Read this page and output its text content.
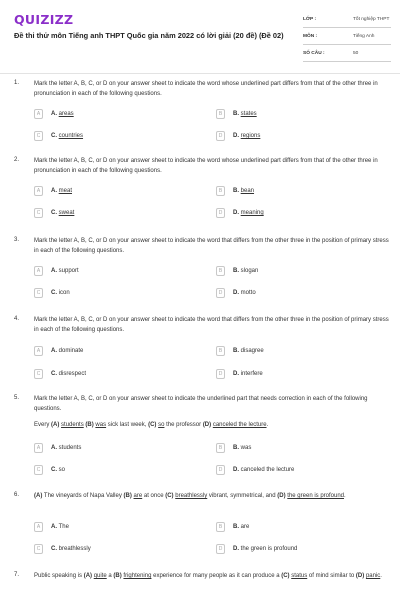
QUIZIZZ
Đề thi thử môn Tiếng anh THPT Quốc gia năm 2022 có lời giải (20 đề) (Đề 02)
LỚP :	Tốt nghiệp THPT
MÔN :	Tiếng Anh
SỐ CÂU :	50
1. Mark the letter A, B, C, or D on your answer sheet to indicate the word whose underlined part differs from that of the other three in pronunciation in each of the following questions.
A	A. areas	B	B. states
C	C. countries	D	D. regions
2. Mark the letter A, B, C, or D on your answer sheet to indicate the word whose underlined part differs from that of the other three in pronunciation in each of the following questions.
A	A. meat	B	B. bean
C	C. sweat	D	D. meaning
3. Mark the letter A, B, C, or D on your answer sheet to indicate the word that differs from the other three in the position of primary stress in each of the following questions.
A	A. support	B	B. slogan
C	C. icon	D	D. motto
4. Mark the letter A, B, C, or D on your answer sheet to indicate the word that differs from the other three in the position of primary stress in each of the following questions.
A	A. dominate	B	B. disagree
C	C. disrespect	D	D. interfere
5. Mark the letter A, B, C, or D on your answer sheet to indicate the underlined part that needs correction in each of the following questions.
Every (A) students (B) was sick last week, (C) so the professor (D) canceled the lecture.
A	A. students	B	B. was
C	C. so	D	D. canceled the lecture
6. (A) The vineyards of Napa Valley (B) are at once (C) breathlessly vibrant, symmetrical, and (D) the green is profound.
A	A. The	B	B. are
C	C. breathlessly	D	D. the green is profound
7. Public speaking is (A) quite a (B) frightening experience for many people as it can produce a (C) status of mind similar to (D) panic.
